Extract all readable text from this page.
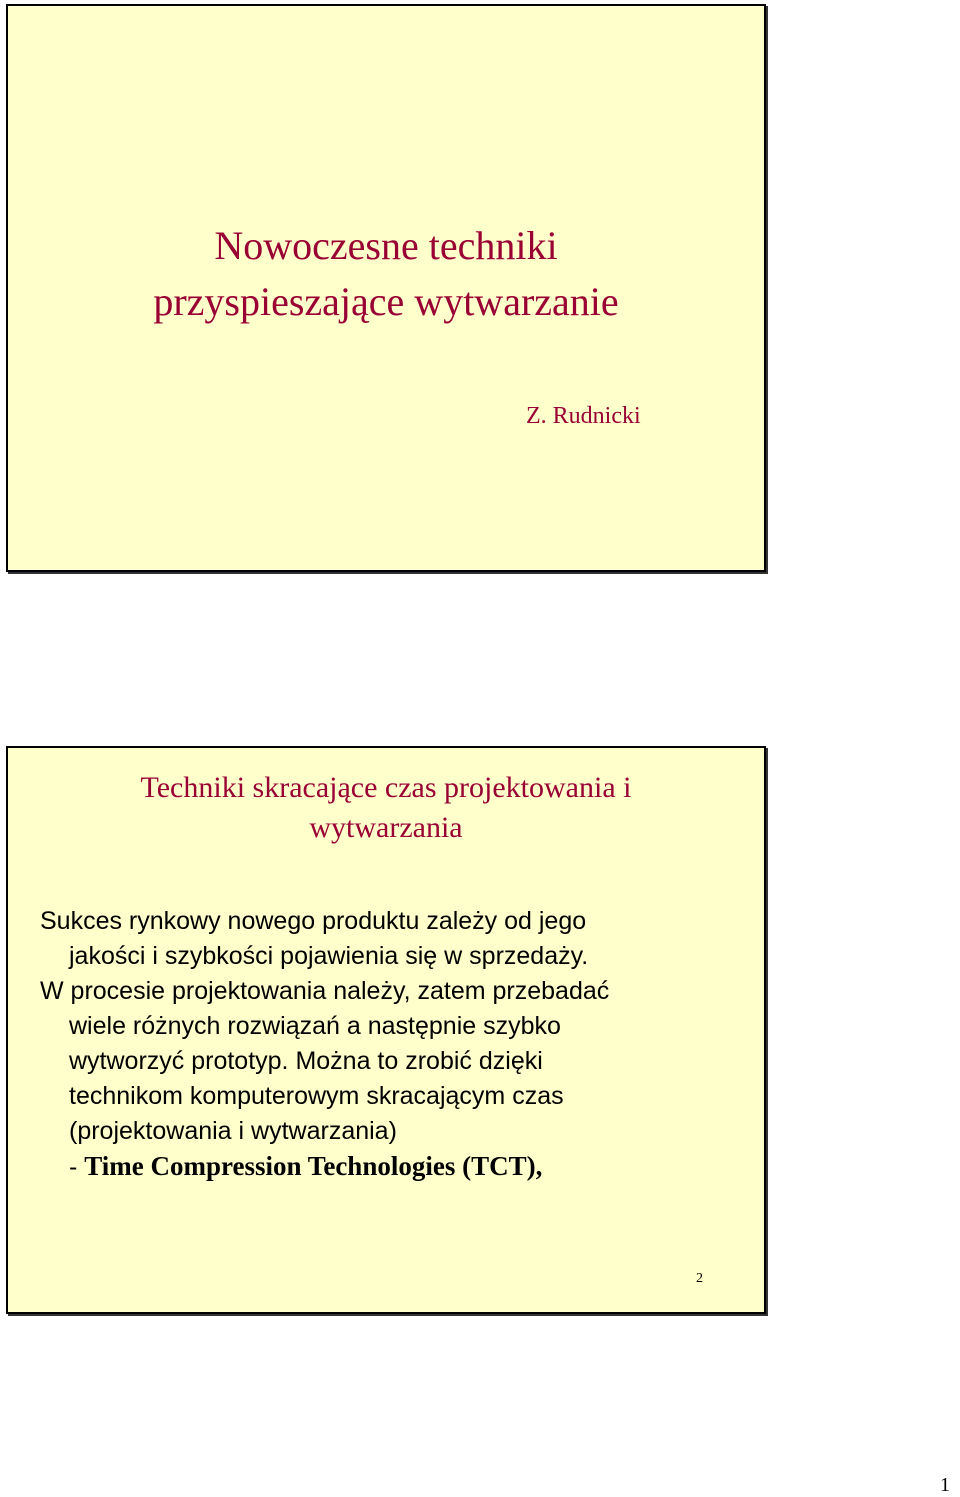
Nowoczesne techniki
przyspieszające wytwarzanie
Z. Rudnicki
Techniki skracające czas projektowania i
wytwarzania
Sukces rynkowy nowego produktu zależy od jego
jakości i szybkości pojawienia się w sprzedaży.
W procesie projektowania należy, zatem przebadać
wiele różnych rozwiązań a następnie szybko
wytworzyć prototyp. Można to zrobić dzięki
technikom komputerowym skracającym czas
(projektowania i wytwarzania)
- Time Compression Technologies (TCT),
2
1
